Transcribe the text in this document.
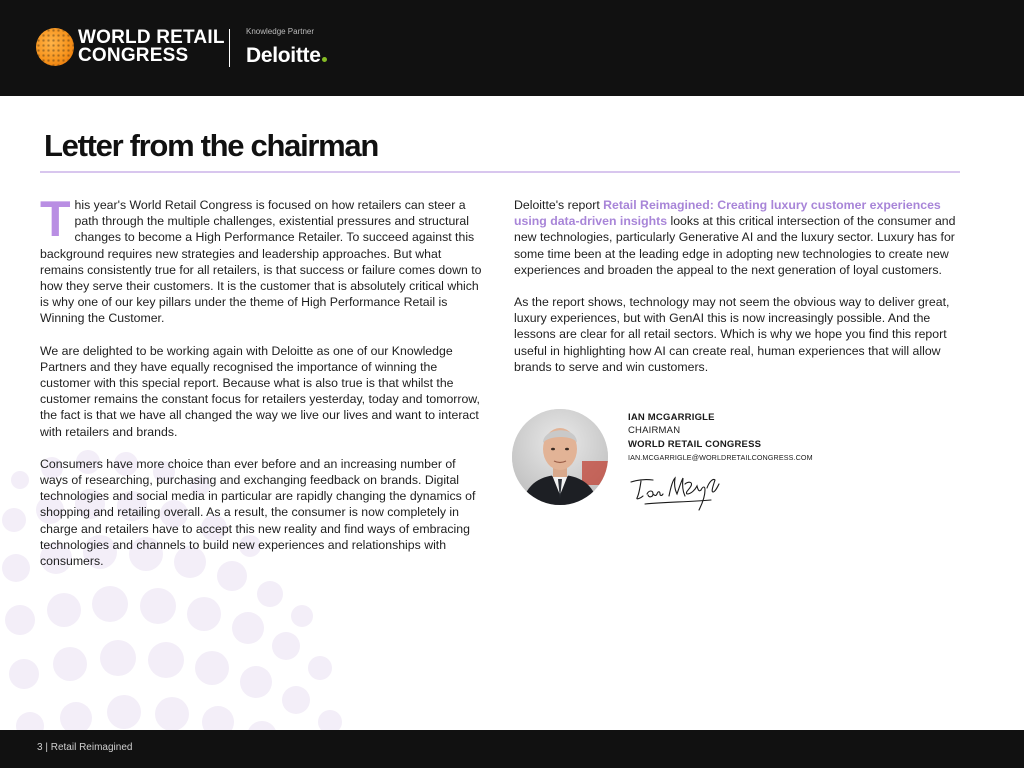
WORLD RETAIL
CONGRESS
Knowledge Partner
Deloitte
Letter from the chairman

This year's World Retail Congress is focused on how retailers can steer a path through the multiple challenges, existential pressures and structural changes to become a High Performance Retailer. To succeed against this background requires new strategies and leadership approaches. But what remains consistently true for all retailers, is that success or failure comes down to how they serve their customers. It is the customer that is absolutely critical which is why one of our key pillars under the theme of High Performance Retail is Winning the Customer.

We are delighted to be working again with Deloitte as one of our Knowledge Partners and they have equally recognised the importance of winning the customer with this special report. Because what is also true is that whilst the customer remains the constant focus for retailers yesterday, today and tomorrow, the fact is that we have all changed the way we live our lives and want to interact with retailers and brands.

Consumers have more choice than ever before and an increasing number of ways of researching, purchasing and exchanging feedback on brands. Digital technologies and social media in particular are rapidly changing the dynamics of shopping and retailing overall. As a result, the consumer is now completely in charge and retailers have to accept this new reality and find ways of embracing technologies and channels to build new experiences and relationships with consumers.

Deloitte's report Retail Reimagined: Creating luxury customer experiences using data-driven insights looks at this critical intersection of the consumer and new technologies, particularly Generative AI and the luxury sector. Luxury has for some time been at the leading edge in adopting new technologies to create new experiences and broaden the appeal to the next generation of loyal customers.

As the report shows, technology may not seem the obvious way to deliver great, luxury experiences, but with GenAI this is now increasingly possible. And the lessons are clear for all retail sectors. Which is why we hope you find this report useful in highlighting how AI can create real, human experiences that will allow brands to serve and win customers.

IAN MCGARRIGLE
CHAIRMAN
WORLD RETAIL CONGRESS
IAN.MCGARRIGLE@WORLDRETAILCONGRESS.COM
3 | Retail Reimagined
